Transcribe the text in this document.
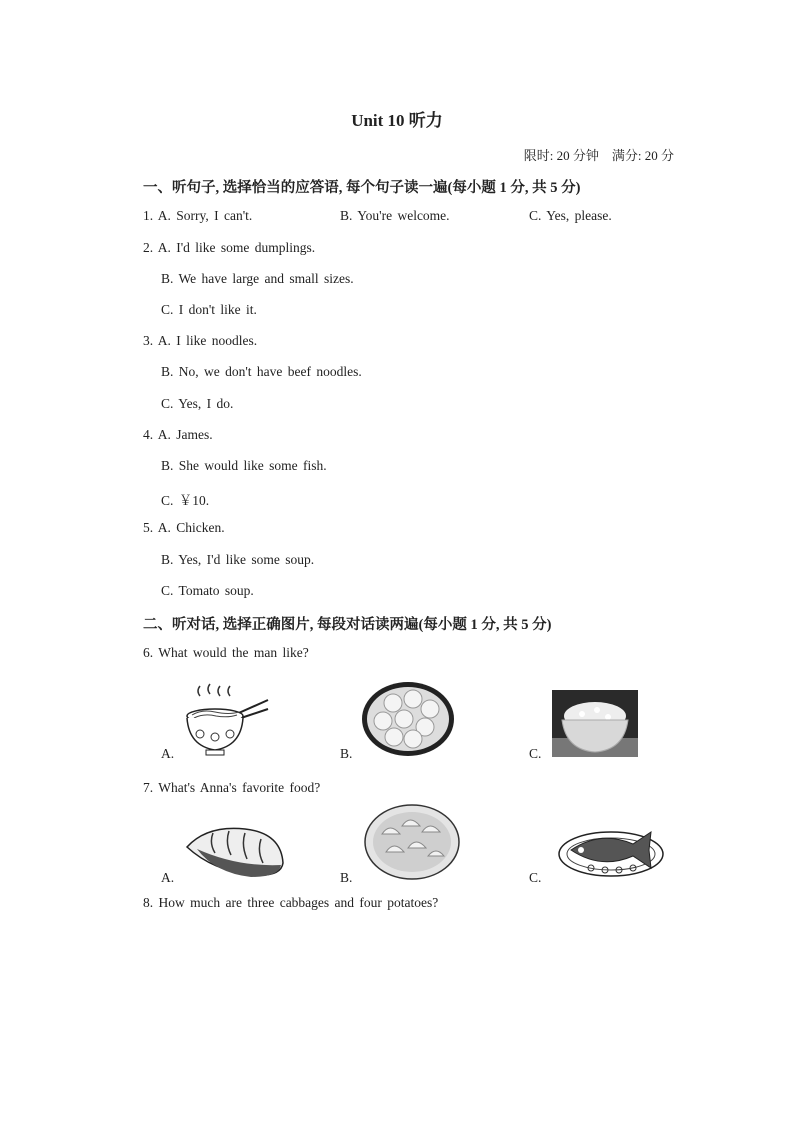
Unit 10 听力
限时: 20 分钟　满分: 20 分
一、听句子, 选择恰当的应答语, 每个句子读一遍(每小题 1 分, 共 5 分)
1. A. Sorry, I can't.	B. You're welcome.	C. Yes, please.
2. A. I'd like some dumplings.
B. We have large and small sizes.
C. I don't like it.
3. A. I like noodles.
B. No, we don't have beef noodles.
C. Yes, I do.
4. A. James.
B. She would like some fish.
C. ￥10.
5. A. Chicken.
B. Yes, I'd like some soup.
C. Tomato soup.
二、听对话, 选择正确图片, 每段对话读两遍(每小题 1 分, 共 5 分)
6. What would the man like?
A.	B.	C.
7. What's Anna's favorite food?
A.	B.	C.
8. How much are three cabbages and four potatoes?
